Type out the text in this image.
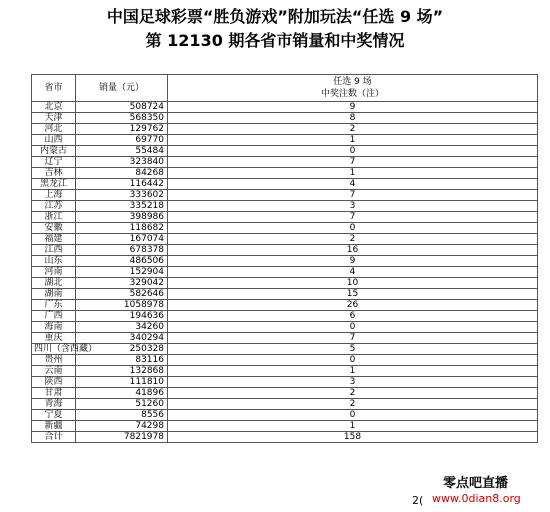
中国足球彩票“胜负游戏”附加玩法“任选 9 场”
第 12130 期各省市销量和中奖情况
省市	销量（元）	任选 9 场
中奖注数（注）

北京	508724	9
天津	568350	8
河北	129762	2
山西	69770	1
内蒙古	55484	0
辽宁	323840	7
吉林	84268	1
黑龙江	116442	4
上海	333602	7
江苏	335218	3
浙江	398986	7
安徽	118682	0
福建	167074	2
江西	678378	16
山东	486506	9
河南	152904	4
湖北	329042	10
湖南	582646	15
广东	1058978	26
广西	194636	6
海南	34260	0
重庆	340294	7
四川（含西藏）	250328	5
贵州	83116	0
云南	132868	1
陕西	111810	3
甘肃	41896	2
青海	51260	2
宁夏	8556	0
新疆	74298	1
合计	7821978	158
2(
零点吧直播
www.0dian8.org
